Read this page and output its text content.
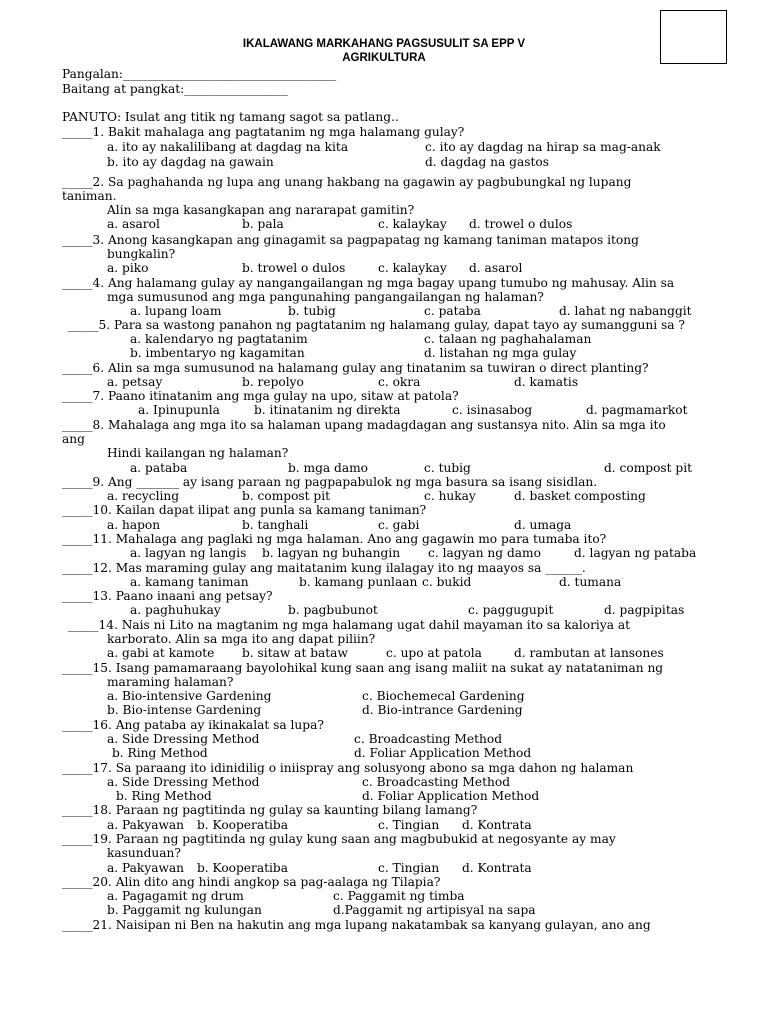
IKALAWANG MARKAHANG PAGSUSULIT SA EPP V
AGRIKULTURA
Pangalan:___________________________________
Baitang at pangkat:_________________
PANUTO: Isulat ang titik ng tamang sagot sa patlang..
_____1. Bakit mahalaga ang pagtatanim ng mga halamang gulay?
a. ito ay nakalilibang at dagdag na kita	c. ito ay dagdag na hirap sa mag-anak
b. ito ay dagdag na gawain	d. dagdag na gastos
_____2. Sa paghahanda ng lupa ang unang hakbang na gagawin ay pagbubungkal ng lupang
taniman.
Alin sa mga kasangkapan ang nararapat gamitin?
a. asarol	b. pala	c. kalaykay d. trowel o dulos
_____3. Anong kasangkapan ang ginagamit sa pagpapatag ng kamang taniman matapos itong
bungkalin?
a. piko	b. trowel o dulos	c. kalaykay d. asarol
_____4. Ang halamang gulay ay nangangailangan ng mga bagay upang tumubo ng mahusay. Alin sa
mga sumusunod ang mga pangunahing pangangailangan ng halaman?
a. lupang loam	b. tubig	c. pataba	d. lahat ng nabanggit
_____5. Para sa wastong panahon ng pagtatanim ng halamang gulay, dapat tayo ay sumangguni sa ?
a. kalendaryo ng pagtatanim	c. talaan ng paghahalaman
b. imbentaryo ng kagamitan	d. listahan ng mga gulay
_____6. Alin sa mga sumusunod na halamang gulay ang tinatanim sa tuwiran o direct planting?
a. petsay	b. repolyo	c. okra	d. kamatis
_____7. Paano itinatanim ang mga gulay na upo, sitaw at patola?
a. Ipinupunla	b. itinatanim ng direkta	c. isinasabog	d. pagmamarkot
_____8. Mahalaga ang mga ito sa halaman upang madagdagan ang sustansya nito. Alin sa mga ito
ang
Hindi kailangan ng halaman?
a. pataba	b. mga damo	c. tubig	d. compost pit
_____9. Ang _______ ay isang paraan ng pagpapabulok ng mga basura sa isang sisidlan.
a. recycling	b. compost pit	c. hukay	d. basket composting
_____10. Kailan dapat ilipat ang punla sa kamang taniman?
a. hapon	b. tanghali	c. gabi	d. umaga
_____11. Mahalaga ang paglaki ng mga halaman. Ano ang gagawin mo para tumaba ito?
a. lagyan ng langis b. lagyan ng buhangin c. lagyan ng damo	d. lagyan ng pataba
_____12. Mas maraming gulay ang maitatanim kung ilalagay ito ng maayos sa ______.
a. kamang taniman	b. kamang punlaan c. bukid	d. tumana
_____13. Paano inaani ang petsay?
a. paghuhukay	b. pagbubunot	c. paggugupit	d. pagpipitas
_____14. Nais ni Lito na magtanim ng mga halamang ugat dahil mayaman ito sa kaloriya at
karborato. Alin sa mga ito ang dapat piliin?
a. gabi at kamote b. sitaw at bataw	c. upo at patola	d. rambutan at lansones
_____15. Isang pamamaraang bayolohikal kung saan ang isang maliit na sukat ay natataniman ng
maraming halaman?
a. Bio-intensive Gardening	c. Biochemecal Gardening
b. Bio-intense Gardening	d. Bio-intrance Gardening
_____16. Ang pataba ay ikinakalat sa lupa?
a. Side Dressing Method	c. Broadcasting Method
b. Ring Method	d. Foliar Application Method
_____17. Sa paraang ito idinidilig o iniispray ang solusyong abono sa mga dahon ng halaman
a. Side Dressing Method	c. Broadcasting Method
b. Ring Method	d. Foliar Application Method
_____18. Paraan ng pagtitinda ng gulay sa kaunting bilang lamang?
a. Pakyawan b. Kooperatiba	c. Tingian d. Kontrata
_____19. Paraan ng pagtitinda ng gulay kung saan ang magbubukid at negosyante ay may
kasunduan?
a. Pakyawan b. Kooperatiba	c. Tingian d. Kontrata
_____20. Alin dito ang hindi angkop sa pag-aalaga ng Tilapia?
a. Pagagamit ng drum	c. Paggamit ng timba
b. Paggamit ng kulungan	d.Paggamit ng artipisyal na sapa
_____21. Naisipan ni Ben na hakutin ang mga lupang nakatambak sa kanyang gulayan, ano ang
